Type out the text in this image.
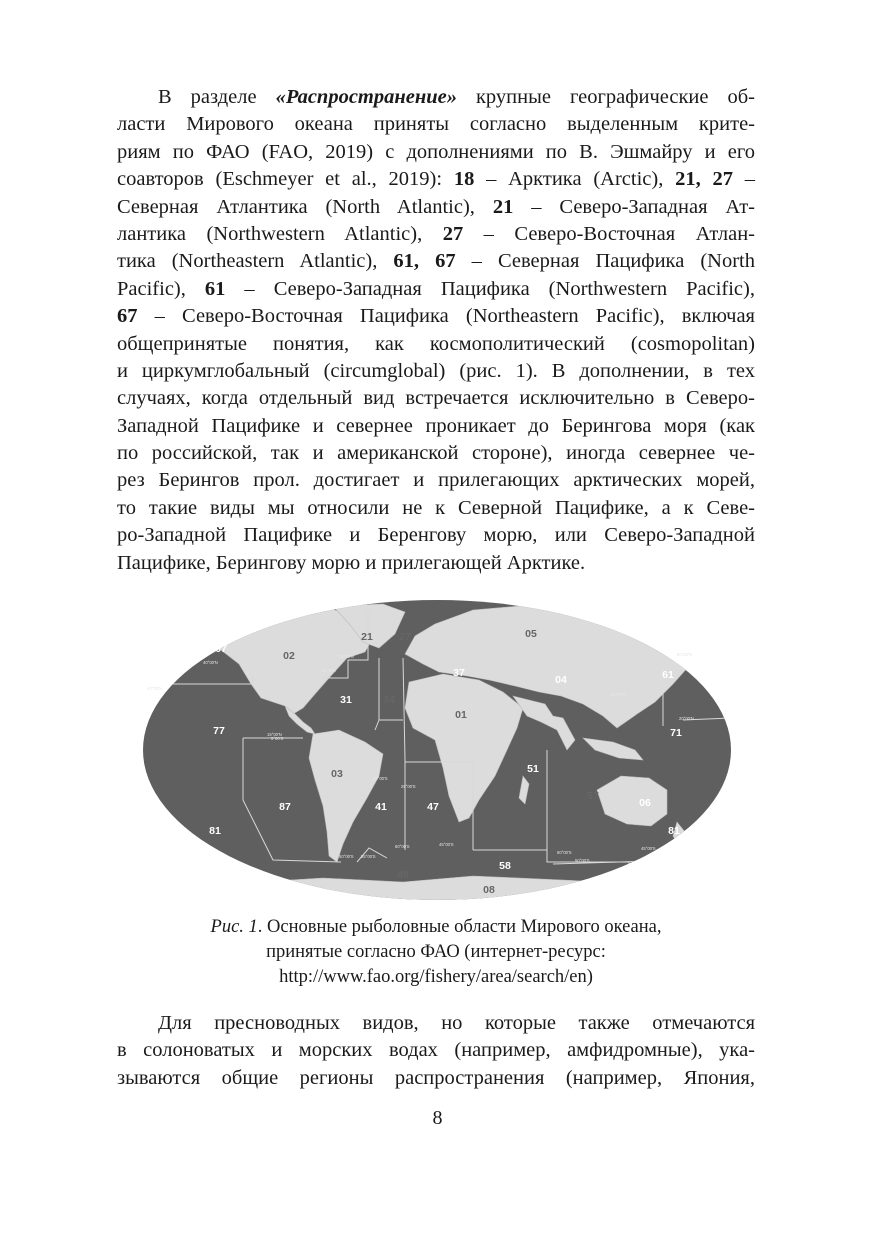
В разделе «Распространение» крупные географические об-
ласти Мирового океана приняты согласно выделенным крите-
риям по ФАО (FAO, 2019) с дополнениями по В. Эшмайру и его
соавторов (Eschmeyer et al., 2019): 18 – Арктика (Arctic), 21, 27 –
Северная Атлантика (North Atlantic), 21 – Северо-Западная Ат-
лантика (Northwestern Atlantic), 27 – Северо-Восточная Атлан-
тика (Northeastern Atlantic), 61, 67 – Северная Пацифика (North
Pacific), 61 – Северо-Западная Пацифика (Northwestern Pacific),
67 – Северо-Восточная Пацифика (Northeastern Pacific), включая
общепринятые понятия, как космополитический (cosmopolitan)
и циркумглобальный (circumglobal) (рис. 1). В дополнении, в тех
случаях, когда отдельный вид встречается исключительно в Северо-
Западной Пацифике и севернее проникает до Берингова моря (как
по российской, так и американской стороне), иногда севернее че-
рез Берингов прол. достигает и прилегающих арктических морей,
то такие виды мы относили не к Северной Пацифике, а к Севе-
ро-Западной Пацифике и Беренгову морю, или Северо-Западной
Пацифике, Берингову морю и прилегающей Арктике.
18	18
21	27	05
67
02
37
04	61
31	34
01
77	71
03	51
87	41	47
57
06
81	81
58
88	48
08
88
40°00'N
36°00'N
52°00'N
40°00'N
15°00'N
5°00'S
25°00'S
25°00'S
45°00'S
50°00'S 55°00'S
60°00'S
60°00'S
45°00'S
50°00'S
20°00'N
20°00'N
60°00'N
Рис. 1. Основные рыболовные области Мирового океана,
принятые согласно ФАО (интернет-ресурс:
http://www.fao.org/fishery/area/search/en)
Для пресноводных видов, но которые также отмечаются
в солоноватых и морских водах (например, амфидромные), ука-
зываются общие регионы распространения (например, Япония,
8
